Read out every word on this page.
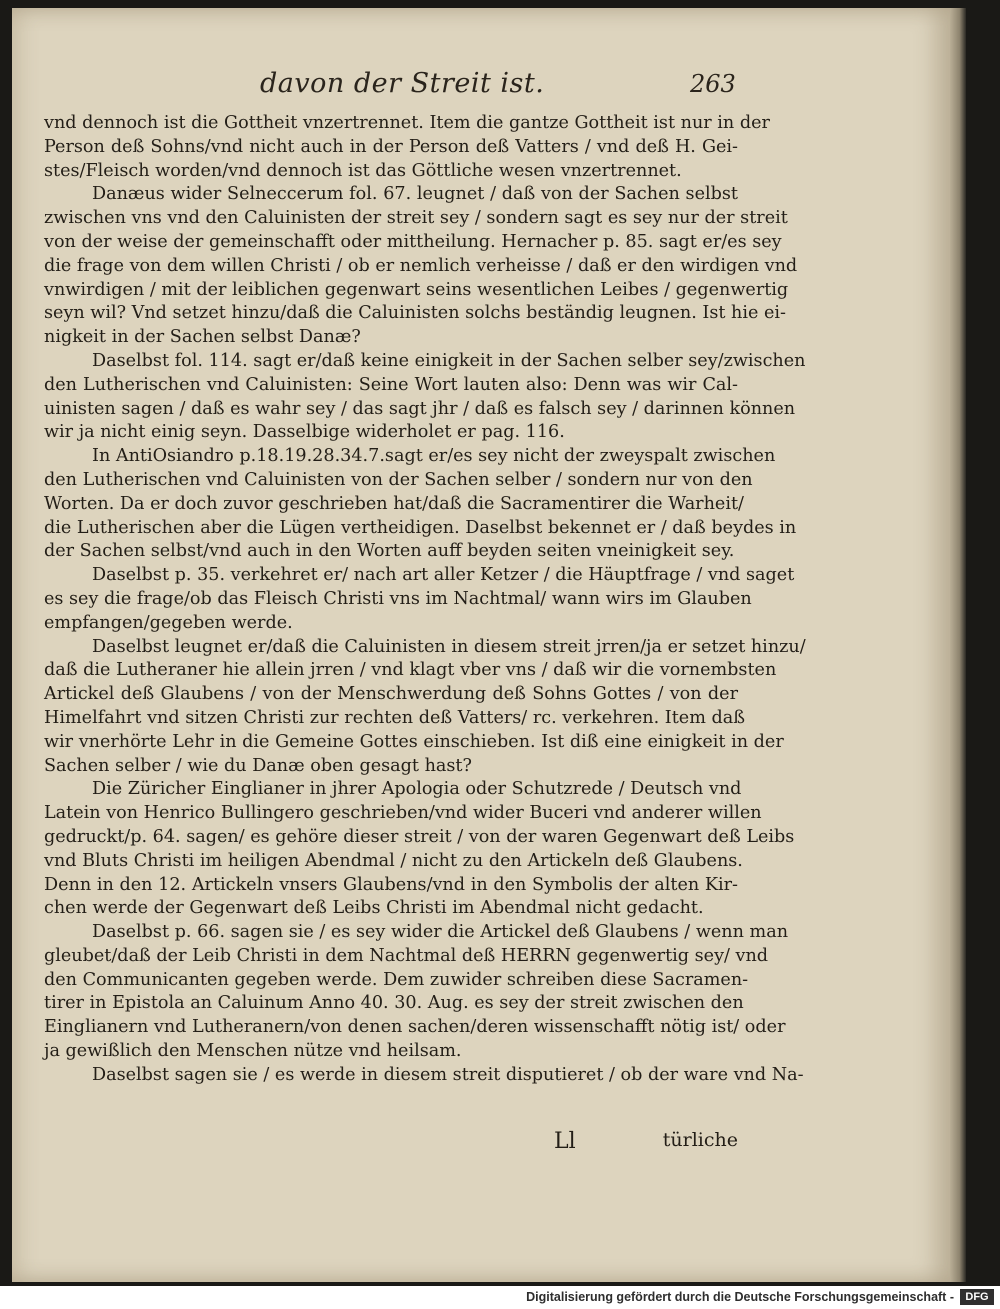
davon der Streit ist.	263
vnd dennoch ist die Gottheit vnzertrennet. Item die gantze Gottheit ist nur in der
Person deß Sohns/vnd nicht auch in der Person deß Vatters / vnd deß H. Gei-
stes/Fleisch worden/vnd dennoch ist das Göttliche wesen vnzertrennet.
Danæus wider Selneccerum fol. 67. leugnet / daß von der Sachen selbst
zwischen vns vnd den Caluinisten der streit sey / sondern sagt es sey nur der streit
von der weise der gemeinschafft oder mittheilung. Hernacher p. 85. sagt er/es sey
die frage von dem willen Christi / ob er nemlich verheisse / daß er den wirdigen vnd
vnwirdigen / mit der leiblichen gegenwart seins wesentlichen Leibes / gegenwertig
seyn wil? Vnd setzet hinzu/daß die Caluinisten solchs beständig leugnen. Ist hie ei-
nigkeit in der Sachen selbst Danæ?
Daselbst fol. 114. sagt er/daß keine einigkeit in der Sachen selber sey/zwischen
den Lutherischen vnd Caluinisten: Seine Wort lauten also: Denn was wir Cal-
uinisten sagen / daß es wahr sey / das sagt jhr / daß es falsch sey / darinnen können
wir ja nicht einig seyn. Dasselbige widerholet er pag. 116.
In AntiOsiandro p.18.19.28.34.7.sagt er/es sey nicht der zweyspalt zwischen
den Lutherischen vnd Caluinisten von der Sachen selber / sondern nur von den
Worten. Da er doch zuvor geschrieben hat/daß die Sacramentirer die Warheit/
die Lutherischen aber die Lügen vertheidigen. Daselbst bekennet er / daß beydes in
der Sachen selbst/vnd auch in den Worten auff beyden seiten vneinigkeit sey.
Daselbst p. 35. verkehret er/ nach art aller Ketzer / die Häuptfrage / vnd saget
es sey die frage/ob das Fleisch Christi vns im Nachtmal/ wann wirs im Glauben
empfangen/gegeben werde.
Daselbst leugnet er/daß die Caluinisten in diesem streit jrren/ja er setzet hinzu/
daß die Lutheraner hie allein jrren / vnd klagt vber vns / daß wir die vornembsten
Artickel deß Glaubens / von der Menschwerdung deß Sohns Gottes / von der
Himelfahrt vnd sitzen Christi zur rechten deß Vatters/ rc. verkehren. Item daß
wir vnerhörte Lehr in die Gemeine Gottes einschieben. Ist diß eine einigkeit in der
Sachen selber / wie du Danæ oben gesagt hast?
Die Züricher Einglianer in jhrer Apologia oder Schutzrede / Deutsch vnd
Latein von Henrico Bullingero geschrieben/vnd wider Buceri vnd anderer willen
gedruckt/p. 64. sagen/ es gehöre dieser streit / von der waren Gegenwart deß Leibs
vnd Bluts Christi im heiligen Abendmal / nicht zu den Artickeln deß Glaubens.
Denn in den 12. Artickeln vnsers Glaubens/vnd in den Symbolis der alten Kir-
chen werde der Gegenwart deß Leibs Christi im Abendmal nicht gedacht.
Daselbst p. 66. sagen sie / es sey wider die Artickel deß Glaubens / wenn man
gleubet/daß der Leib Christi in dem Nachtmal deß HERRN gegenwertig sey/ vnd
den Communicanten gegeben werde. Dem zuwider schreiben diese Sacramen-
tirer in Epistola an Caluinum Anno 40. 30. Aug. es sey der streit zwischen den
Einglianern vnd Lutheranern/von denen sachen/deren wissenschafft nötig ist/ oder
ja gewißlich den Menschen nütze vnd heilsam.
Daselbst sagen sie / es werde in diesem streit disputieret / ob der ware vnd Na-
Ll	türliche
Digitalisierung gefördert durch die Deutsche Forschungsgemeinschaft -	DFG
